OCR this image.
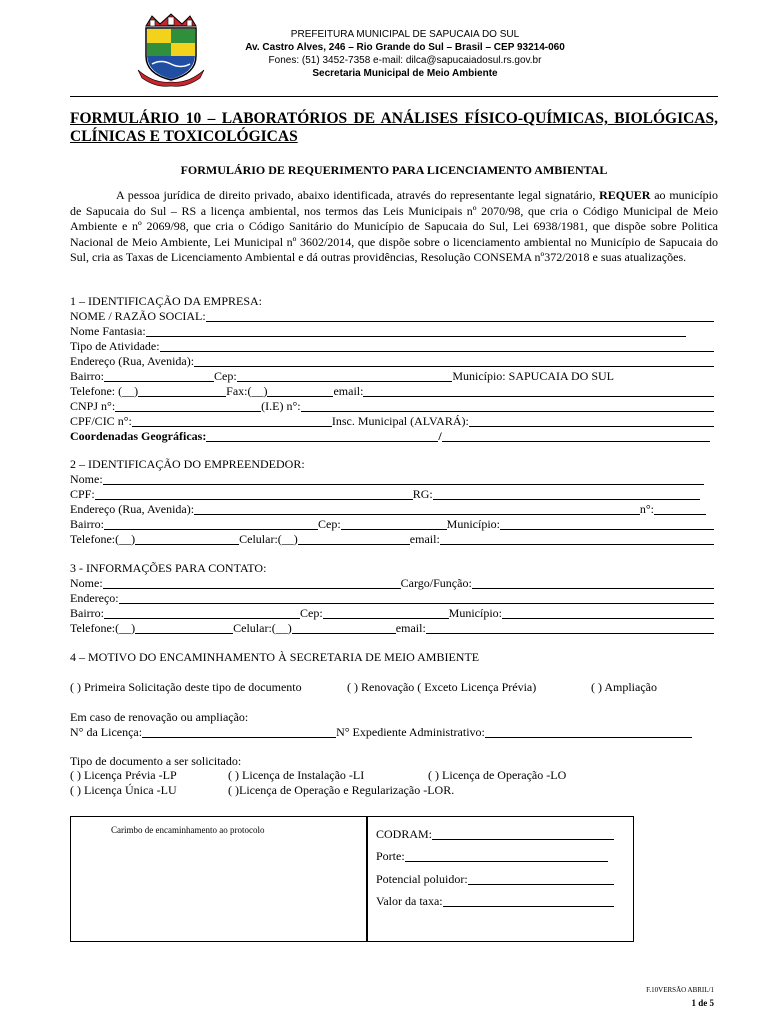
PREFEITURA MUNICIPAL DE SAPUCAIA DO SUL
Av. Castro Alves, 246 – Rio Grande do Sul – Brasil – CEP 93214-060
Fones: (51) 3452-7358 e-mail: dilca@sapucaiadosul.rs.gov.br
Secretaria Municipal de Meio Ambiente
FORMULÁRIO 10 – LABORATÓRIOS DE ANÁLISES FÍSICO-QUÍMICAS, BIOLÓGICAS, CLÍNICAS E TOXICOLÓGICAS
FORMULÁRIO DE REQUERIMENTO PARA LICENCIAMENTO AMBIENTAL
A pessoa jurídica de direito privado, abaixo identificada, através do representante legal signatário, REQUER ao município de Sapucaia do Sul – RS a licença ambiental, nos termos das Leis Municipais nº 2070/98, que cria o Código Municipal de Meio Ambiente e nº 2069/98, que cria o Código Sanitário do Município de Sapucaia do Sul, Lei 6938/1981, que dispõe sobre Politica Nacional de Meio Ambiente, Lei Municipal nº 3602/2014, que dispõe sobre o licenciamento ambiental no Município de Sapucaia do Sul, cria as Taxas de Licenciamento Ambiental e dá outras providências, Resolução CONSEMA nº372/2018 e suas atualizações.
1 – IDENTIFICAÇÃO DA EMPRESA:
NOME / RAZÃO SOCIAL:
Nome Fantasia:
Tipo de Atividade:
Endereço (Rua, Avenida):
Bairro:	Cep:	Município: SAPUCAIA DO SUL
Telefone: (__)	Fax:(__)	email:
CNPJ n°:	(I.E) n°:
CPF/CIC n°:	Insc. Municipal (ALVARÁ):
Coordenadas Geográficas:	/
2 – IDENTIFICAÇÃO DO EMPREENDEDOR:
Nome:
CPF:	RG:
Endereço (Rua, Avenida):	n°:
Bairro:	Cep:	Município:
Telefone:(__)	Celular:(__)	email:
3 - INFORMAÇÕES PARA CONTATO:
Nome:	Cargo/Função:
Endereço:
Bairro:	Cep:	Município:
Telefone:(__)	Celular:(__)	email:
4 – MOTIVO DO ENCAMINHAMENTO À SECRETARIA DE MEIO AMBIENTE
( ) Primeira Solicitação deste tipo de documento	( ) Renovação ( Exceto Licença Prévia)	( ) Ampliação
Em caso de renovação ou ampliação:
N° da Licença:	N° Expediente Administrativo:
Tipo de documento a ser solicitado:
( ) Licença Prévia -LP	( ) Licença de Instalação -LI	( ) Licença de Operação -LO
( ) Licença Única -LU	( )Licença de Operação e Regularização -LOR.
Carimbo de encaminhamento ao protocolo	CODRAM:
Porte:
Potencial poluidor:
Valor da taxa:
F.10VERSÃO ABRIL/1
1 de 5
